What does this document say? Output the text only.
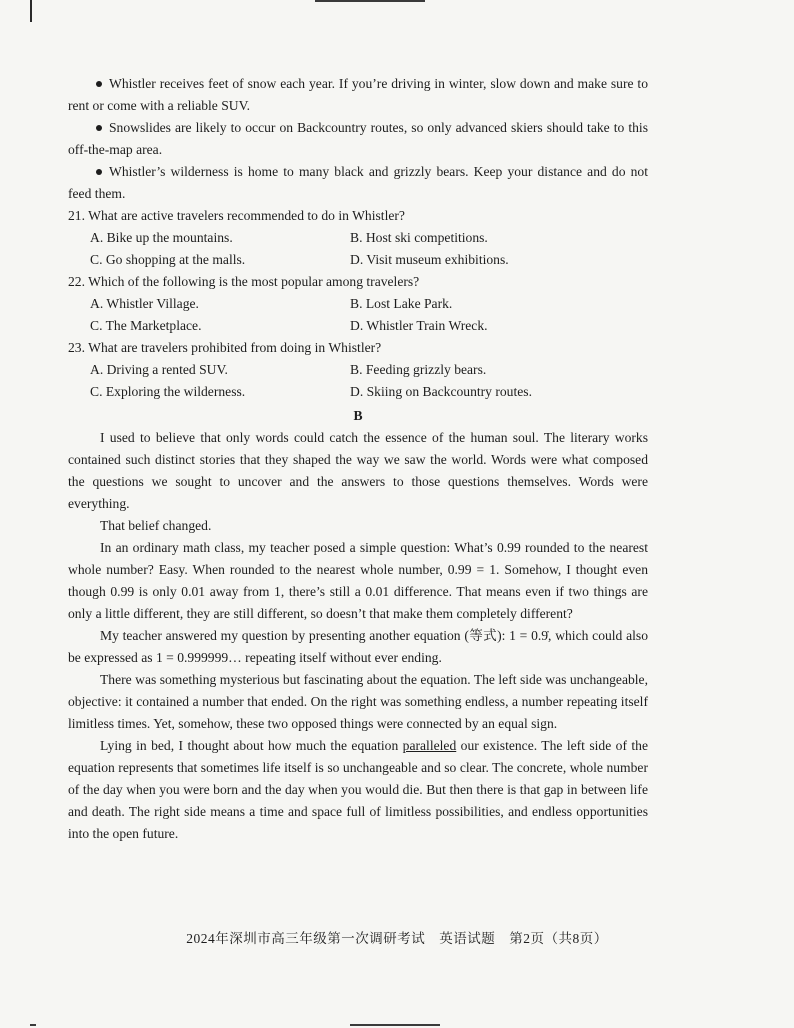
Whistler receives feet of snow each year. If you’re driving in winter, slow down and make sure to rent or come with a reliable SUV.

Snowslides are likely to occur on Backcountry routes, so only advanced skiers should take to this off-the-map area.

Whistler’s wilderness is home to many black and grizzly bears. Keep your distance and do not feed them.

21. What are active travelers recommended to do in Whistler?

A. Bike up the mountains.	B. Host ski competitions.
C. Go shopping at the malls.	D. Visit museum exhibitions.

22. Which of the following is the most popular among travelers?

A. Whistler Village.	B. Lost Lake Park.
C. The Marketplace.	D. Whistler Train Wreck.

23. What are travelers prohibited from doing in Whistler?

A. Driving a rented SUV.	B. Feeding grizzly bears.
C. Exploring the wilderness.	D. Skiing on Backcountry routes.

B

I used to believe that only words could catch the essence of the human soul. The literary works contained such distinct stories that they shaped the way we saw the world. Words were what composed the questions we sought to uncover and the answers to those questions themselves. Words were everything.

That belief changed.

In an ordinary math class, my teacher posed a simple question: What’s 0.99 rounded to the nearest whole number? Easy. When rounded to the nearest whole number, 0.99 = 1. Somehow, I thought even though 0.99 is only 0.01 away from 1, there’s still a 0.01 difference. That means even if two things are only a little different, they are still different, so doesn’t that make them completely different?

My teacher answered my question by presenting another equation (等式): 1 = 0.9̇, which could also be expressed as 1 = 0.999999… repeating itself without ever ending.

There was something mysterious but fascinating about the equation. The left side was unchangeable, objective: it contained a number that ended. On the right was something endless, a number repeating itself limitless times. Yet, somehow, these two opposed things were connected by an equal sign.

Lying in bed, I thought about how much the equation paralleled our existence. The left side of the equation represents that sometimes life itself is so unchangeable and so clear. The concrete, whole number of the day when you were born and the day when you would die. But then there is that gap in between life and death. The right side means a time and space full of limitless possibilities, and endless opportunities into the open future.

2024年深圳市高三年级第一次调研考试　英语试题　第2页（共8页）
